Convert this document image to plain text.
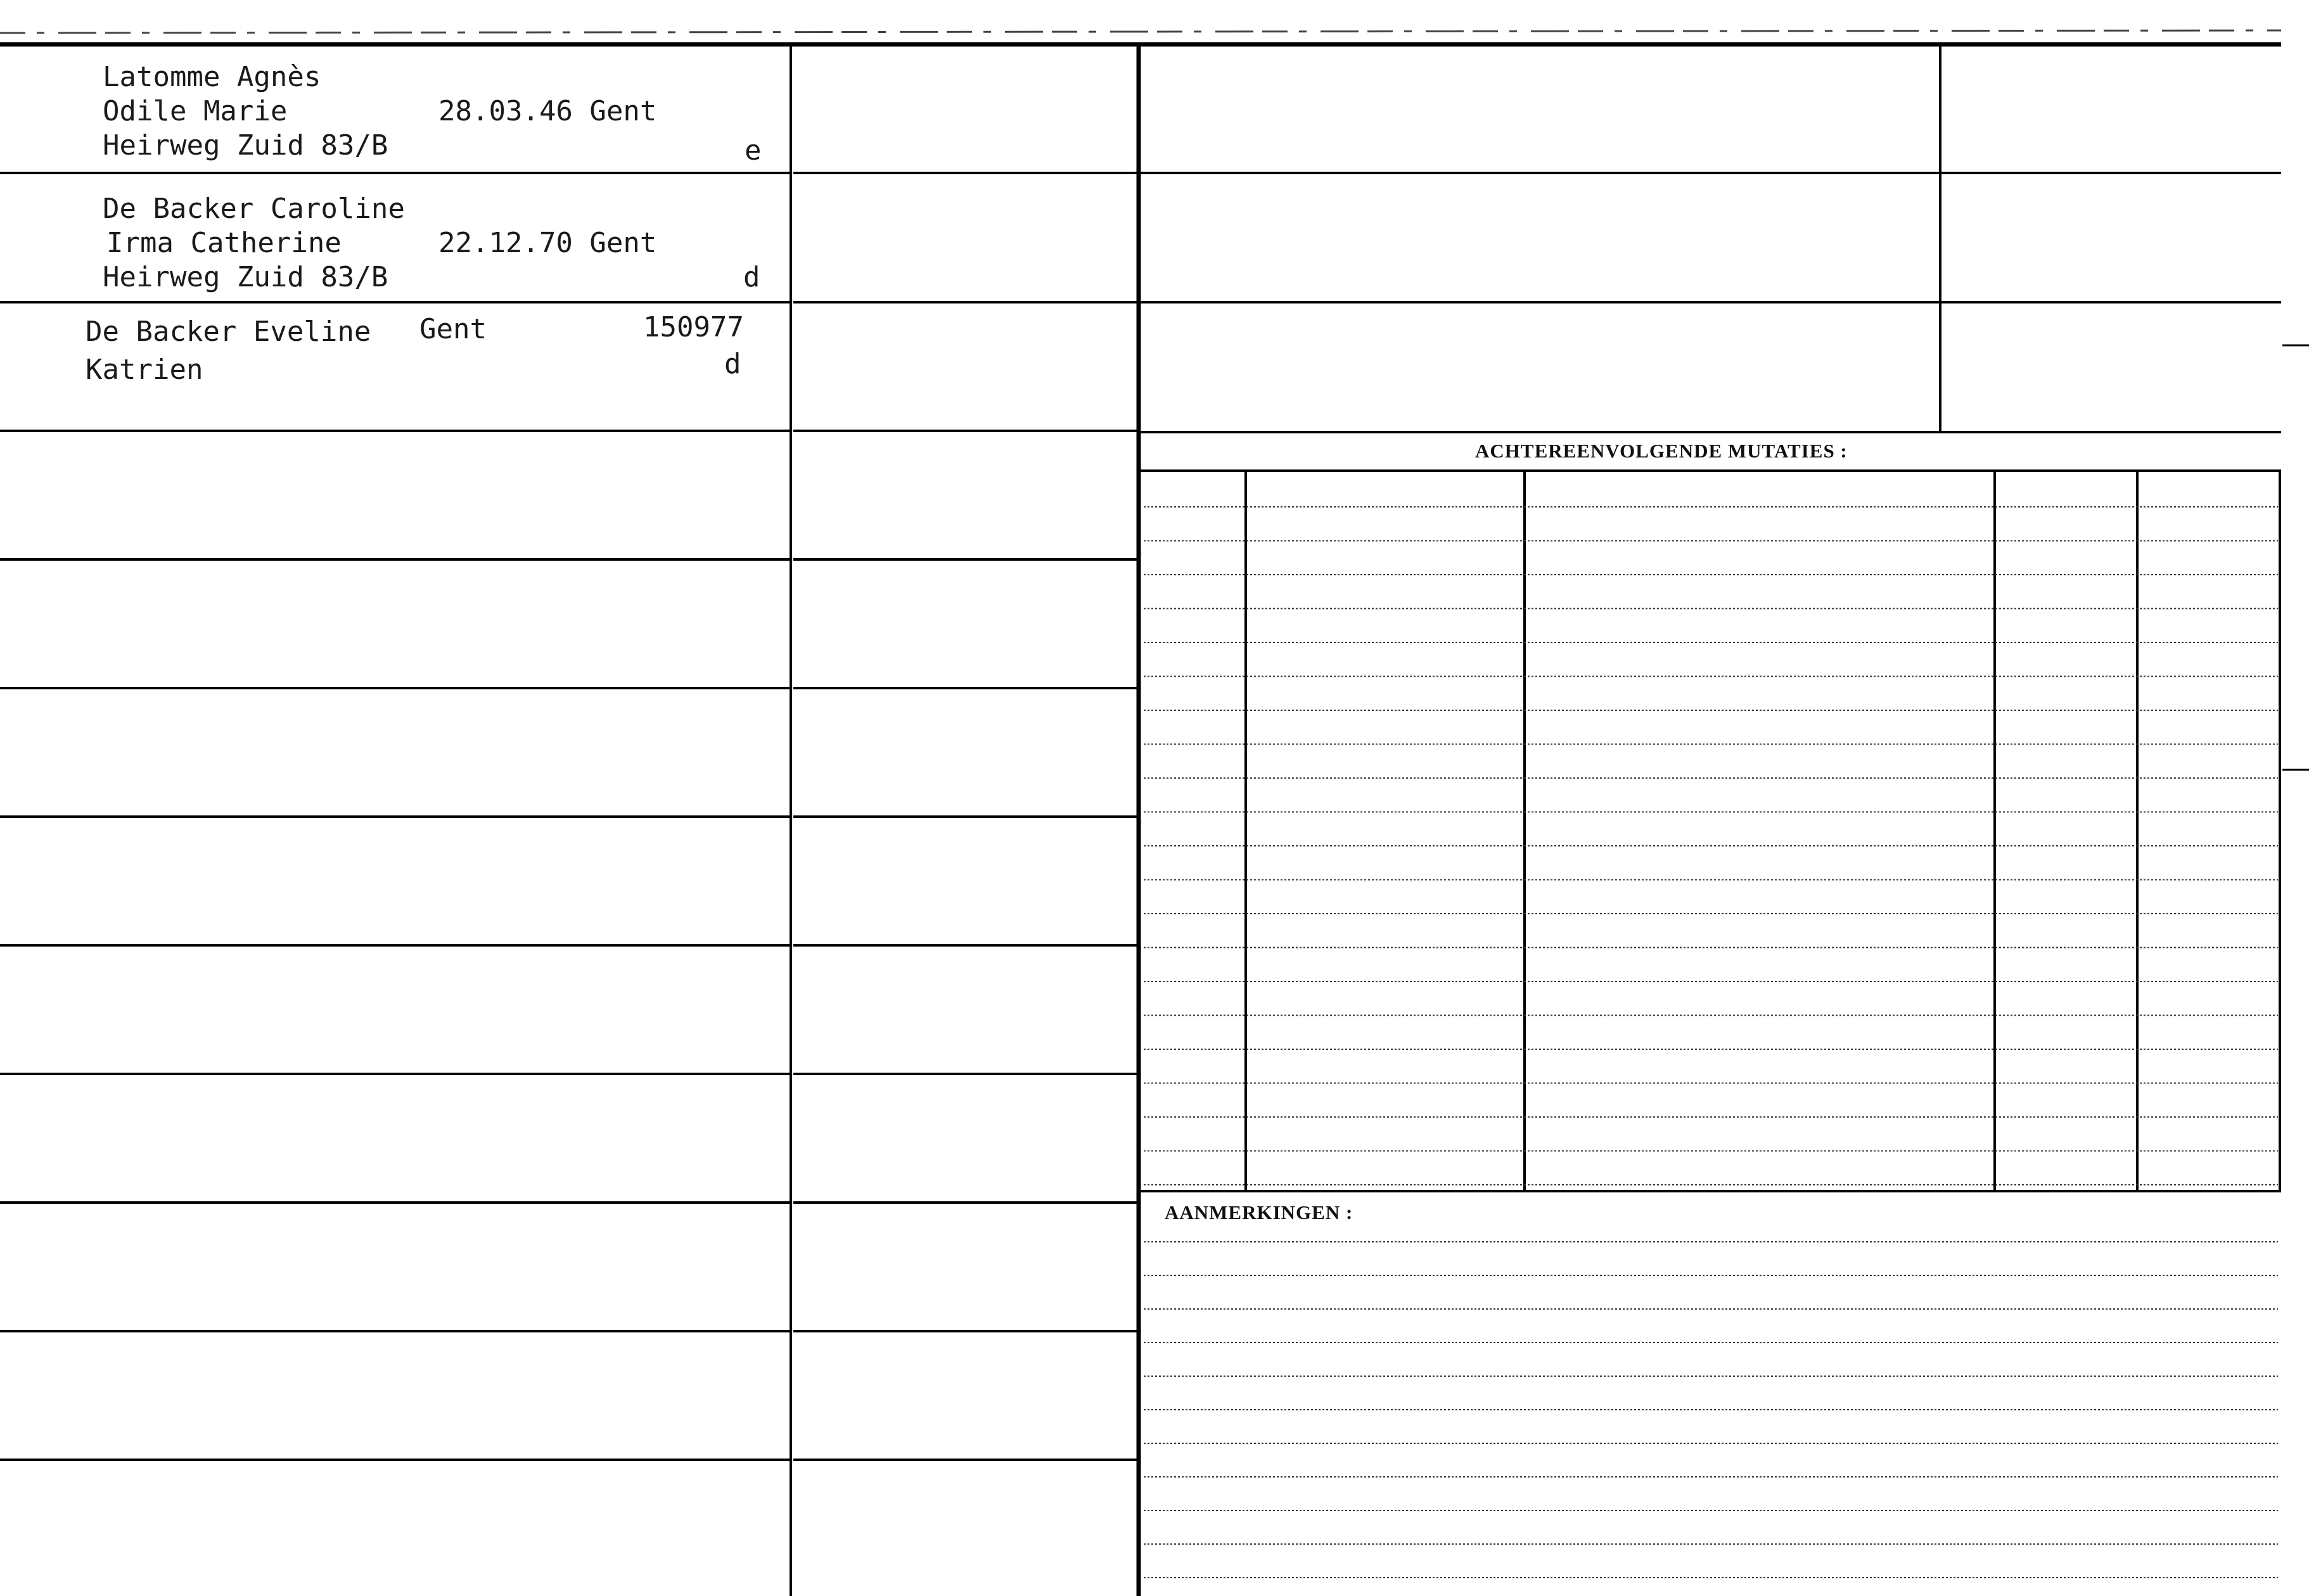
Latomme Agnès
Odile Marie
Heirweg Zuid 83/B
28.03.46 Gent
e
De Backer Caroline
Irma Catherine
Heirweg Zuid 83/B
22.12.70 Gent
d
De Backer Eveline
Katrien
Gent	150977
d
ACHTEREENVOLGENDE MUTATIES :
AANMERKINGEN :
